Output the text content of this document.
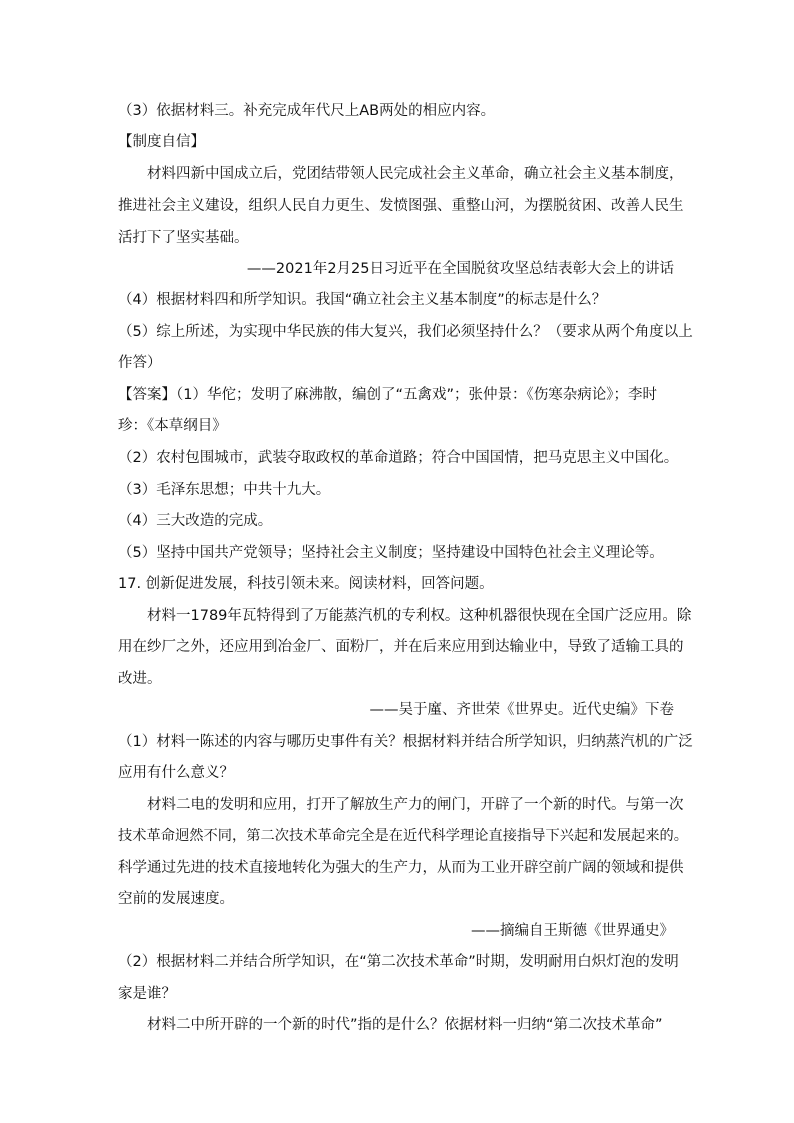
（3）依据材料三。补充完成年代尺上AB两处的相应内容。
【制度自信】
材料四新中国成立后，党团结带领人民完成社会主义革命，确立社会主义基本制度，
推进社会主义建设，组织人民自力更生、发愤图强、重整山河，为摆脱贫困、改善人民生
活打下了坚实基础。
——2021年2月25日习近平在全国脱贫攻坚总结表彰大会上的讲话
（4）根据材料四和所学知识。我国“确立社会主义基本制度”的标志是什么？
（5）综上所述，为实现中华民族的伟大复兴，我们必须坚持什么？（要求从两个角度以上
作答）
【答案】（1）华佗；发明了麻沸散，编创了“五禽戏”；张仲景：《伤寒杂病论》；李时
珍：《本草纲目》
（2）农村包围城市，武装夺取政权的革命道路；符合中国国情，把马克思主义中国化。
（3）毛泽东思想；中共十九大。
（4）三大改造的完成。
（5）坚持中国共产党领导；坚持社会主义制度；坚持建设中国特色社会主义理论等。
17. 创新促进发展，科技引领未来。阅读材料，回答问题。
材料一1789年瓦特得到了万能蒸汽机的专利权。这种机器很快现在全国广泛应用。除
用在纱厂之外，还应用到冶金厂、面粉厂，并在后来应用到达输业中，导致了适输工具的
改进。
——吴于廑、齐世荣《世界史。近代史编》下卷
（1）材料一陈述的内容与哪历史事件有关？根据材料并结合所学知识，归纳蒸汽机的广泛
应用有什么意义？
材料二电的发明和应用，打开了解放生产力的闸门，开辟了一个新的时代。与第一次
技术革命迥然不同，第二次技术革命完全是在近代科学理论直接指导下兴起和发展起来的。
科学通过先进的技术直接地转化为强大的生产力，从而为工业开辟空前广阔的领域和提供
空前的发展速度。
——摘编自王斯德《世界通史》
（2）根据材料二并结合所学知识，在“第二次技术革命”时期，发明耐用白炽灯泡的发明
家是谁？
材料二中所开辟的一个新的时代”指的是什么？依据材料一归纳“第二次技术革命”
